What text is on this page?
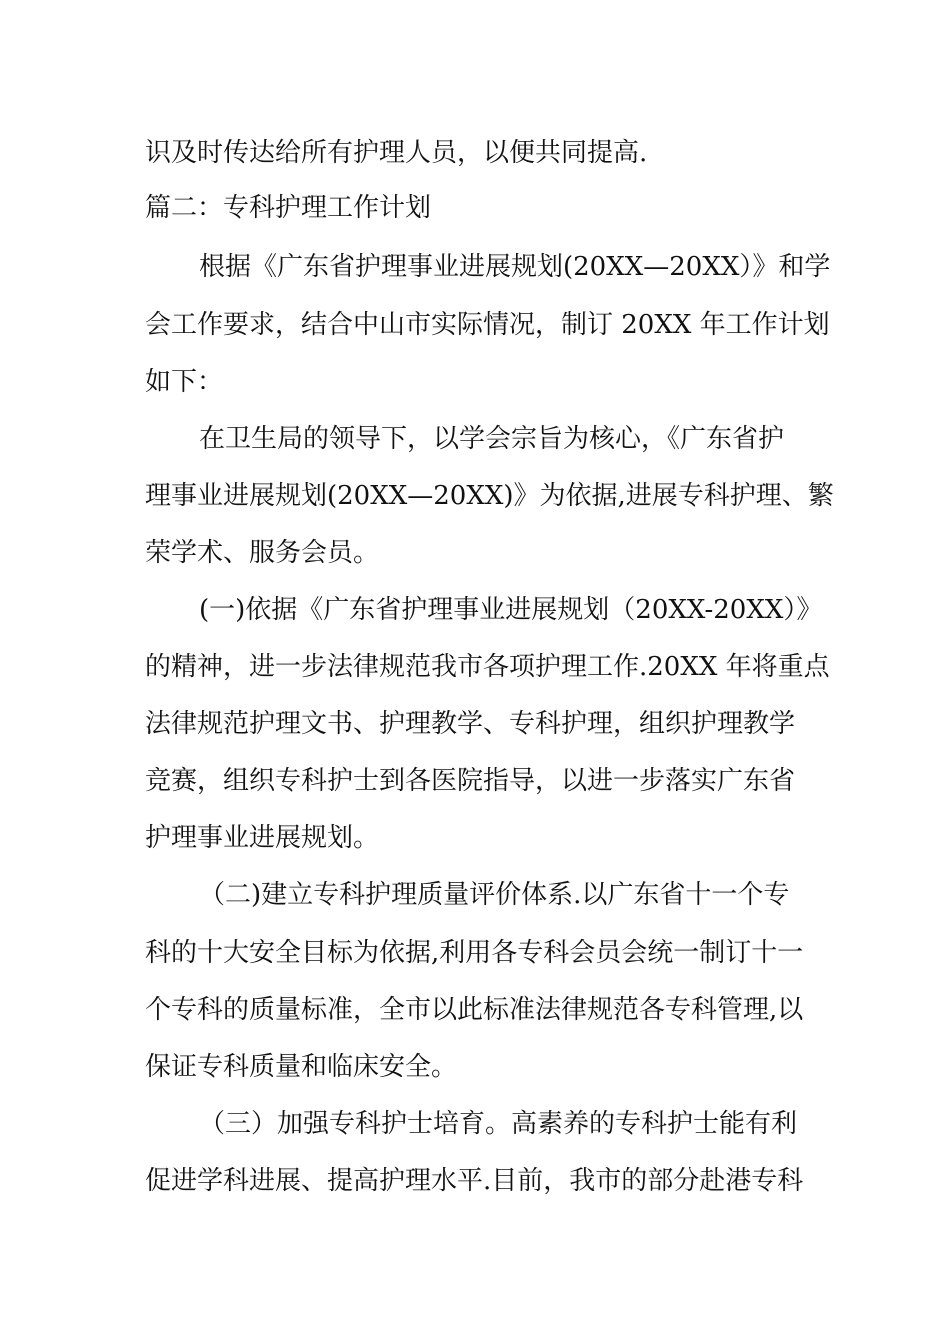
识及时传达给所有护理人员，以便共同提高.

篇二：专科护理工作计划

根据《广东省护理事业进展规划(20XX—20XX）》和学

会工作要求，结合中山市实际情况，制订 20XX 年工作计划

如下：

在卫生局的领导下，以学会宗旨为核心，《广东省护

理事业进展规划(20XX—20XX)》为依据,进展专科护理、繁

荣学术、服务会员。

(一)依据《广东省护理事业进展规划（20XX-20XX）》

的精神，进一步法律规范我市各项护理工作.20XX 年将重点

法律规范护理文书、护理教学、专科护理，组织护理教学

竞赛，组织专科护士到各医院指导，以进一步落实广东省

护理事业进展规划。

（二)建立专科护理质量评价体系.以广东省十一个专

科的十大安全目标为依据,利用各专科会员会统一制订十一

个专科的质量标准，全市以此标准法律规范各专科管理,以

保证专科质量和临床安全。

（三）加强专科护士培育。高素养的专科护士能有利

促进学科进展、提高护理水平.目前，我市的部分赴港专科
